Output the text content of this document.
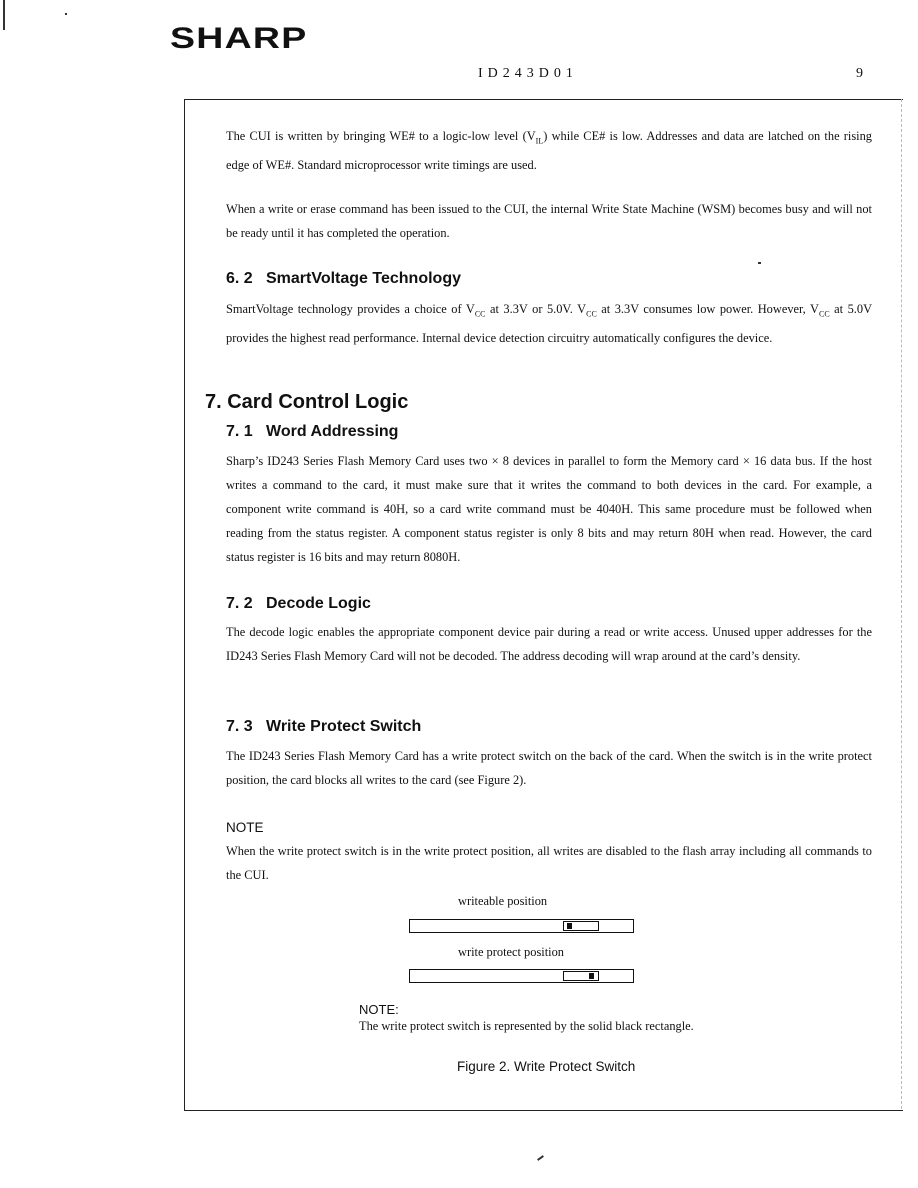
SHARP
ID243D01	9

The CUI is written by bringing WE# to a logic-low level $(V_{IL})$ while CE# is low. Addresses and data are latched on the rising edge of WE#. Standard microprocessor write timings are used.

When a write or erase command has been issued to the CUI, the internal Write State Machine (WSM) becomes busy and will not be ready until it has completed the operation.

6. 2 SmartVoltage Technology

SmartVoltage technology provides a choice of $V_{CC}$ at 3.3V or 5.0V. $V_{CC}$ at 3.3V consumes low power. However, $V_{CC}$ at 5.0V provides the highest read performance. Internal device detection circuitry automatically configures the device.

7. Card Control Logic
7. 1 Word Addressing

Sharp’s ID243 Series Flash Memory Card uses two × 8 devices in parallel to form the Memory card × 16 data bus. If the host writes a command to the card, it must make sure that it writes the command to both devices in the card. For example, a component write command is 40H, so a card write command must be 4040H. This same procedure must be followed when reading from the status register. A component status register is only 8 bits and may return 80H when read. However, the card status register is 16 bits and may return 8080H.

7. 2 Decode Logic

The decode logic enables the appropriate component device pair during a read or write access. Unused upper addresses for the ID243 Series Flash Memory Card will not be decoded. The address decoding will wrap around at the card’s density.

7. 3 Write Protect Switch

The ID243 Series Flash Memory Card has a write protect switch on the back of the card. When the switch is in the write protect position, the card blocks all writes to the card (see Figure 2).

NOTE

When the write protect switch is in the write protect position, all writes are disabled to the flash array including all commands to the CUI.

writeable position
write protect position
NOTE:
The write protect switch is represented by the solid black rectangle.
Figure 2. Write Protect Switch
